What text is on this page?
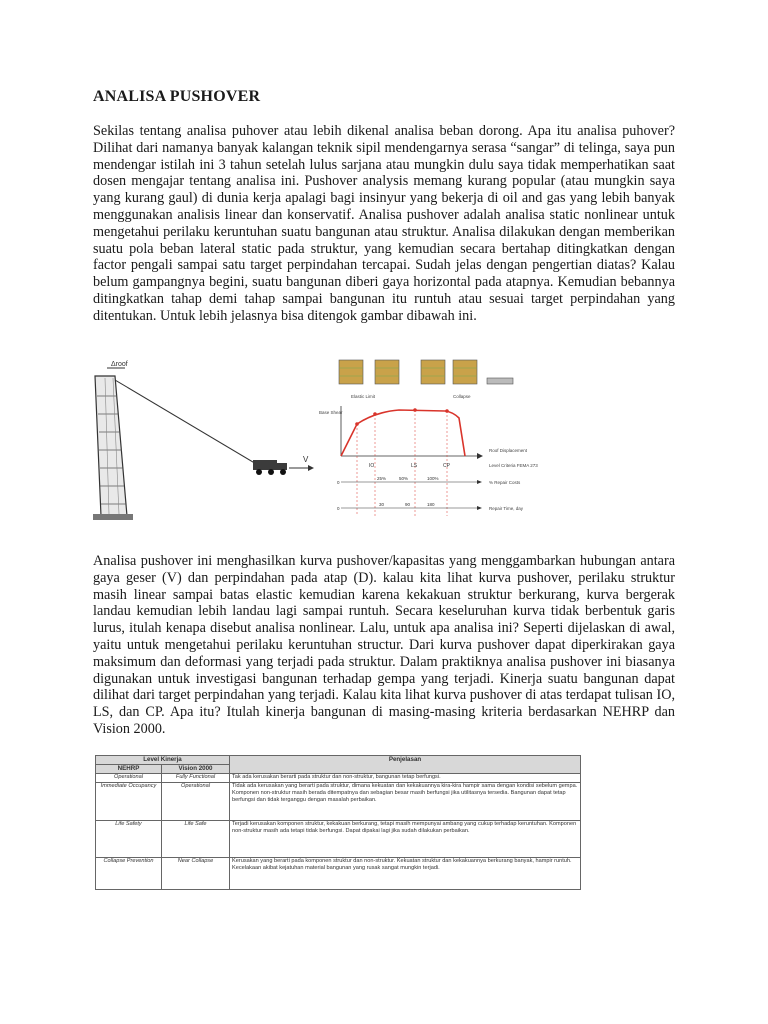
ANALISA PUSHOVER
Sekilas tentang analisa puhover atau lebih dikenal analisa beban dorong. Apa itu analisa puhover? Dilihat dari namanya banyak kalangan teknik sipil mendengarnya serasa “sangar” di telinga, saya pun mendengar istilah ini 3 tahun setelah lulus sarjana atau mungkin dulu saya tidak memperhatikan saat dosen mengajar tentang analisa ini. Pushover analysis memang kurang popular (atau mungkin saya yang kurang gaul) di dunia kerja apalagi bagi insinyur yang bekerja di oil and gas yang lebih banyak menggunakan analisis linear dan konservatif. Analisa pushover adalah analisa static nonlinear untuk mengetahui perilaku keruntuhan suatu bangunan atau struktur. Analisa dilakukan dengan memberikan suatu pola beban lateral static pada struktur, yang kemudian secara bertahap ditingkatkan dengan factor pengali sampai satu target perpindahan tercapai. Sudah jelas dengan pengertian diatas? Kalau belum gampangnya begini, suatu bangunan diberi gaya horizontal pada atapnya. Kemudian bebannya ditingkatkan tahap demi tahap sampai bangunan itu runtuh atau sesuai target perpindahan yang ditentukan. Untuk lebih jelasnya bisa ditengok gambar dibawah ini.
Δroof
V
Elastic Limit	Collapse
Base Shear
Roof Displacement
IO	LS	CP	Level Criteria FEMA 273
0
25%	50%	100%
% Repair Costs
0
30	90	180
Repair Time, day
Analisa pushover ini menghasilkan kurva pushover/kapasitas yang menggambarkan hubungan antara gaya geser (V) dan perpindahan pada atap (D). kalau kita lihat kurva pushover, perilaku struktur masih linear sampai batas elastic kemudian karena kekakuan struktur berkurang, kurva bergerak landau kemudian lebih landau lagi sampai runtuh. Secara keseluruhan kurva tidak berbentuk garis lurus, itulah kenapa disebut analisa nonlinear. Lalu, untuk apa analisa ini? Seperti dijelaskan di awal, yaitu untuk mengetahui perilaku keruntuhan structur. Dari kurva pushover dapat diperkirakan gaya maksimum dan deformasi yang terjadi pada struktur. Dalam praktiknya analisa pushover ini biasanya digunakan untuk investigasi bangunan terhadap gempa yang terjadi. Kinerja suatu bangunan dapat dilihat dari target perpindahan yang terjadi. Kalau kita lihat kurva pushover di atas terdapat tulisan IO, LS, dan CP. Apa itu? Itulah kinerja bangunan di masing-masing kriteria berdasarkan NEHRP dan Vision 2000.
Level Kinerja		Penjelasan
NEHRP	Vision 2000	
Operational	Fully Functional	Tak ada kerusakan berarti pada struktur dan non-struktur, bangunan tetap berfungsi.
Immediate Occupancy	Operational	Tidak ada kerusakan yang berarti pada struktur, dimana kekuatan dan kekakuannya kira-kira hampir sama dengan kondisi sebelum gempa. Komponen non-struktur masih berada ditempatnya dan sebagian besar masih berfungsi jika utilitasnya tersedia. Bangunan dapat tetap berfungsi dan tidak terganggu dengan masalah perbaikan.
Life Safety	Life Safe	Terjadi kerusakan komponen struktur, kekakuan berkurang, tetapi masih mempunyai ambang yang cukup terhadap keruntuhan. Komponen non-struktur masih ada tetapi tidak berfungsi. Dapat dipakai lagi jika sudah dilakukan perbaikan.
Collapse Prevention	Near Collapse	Kerusakan yang berarti pada komponen struktur dan non-struktur. Kekuatan struktur dan kekakuannya berkurang banyak, hampir runtuh. Kecelakaan akibat kejatuhan material bangunan yang rusak sangat mungkin terjadi.
